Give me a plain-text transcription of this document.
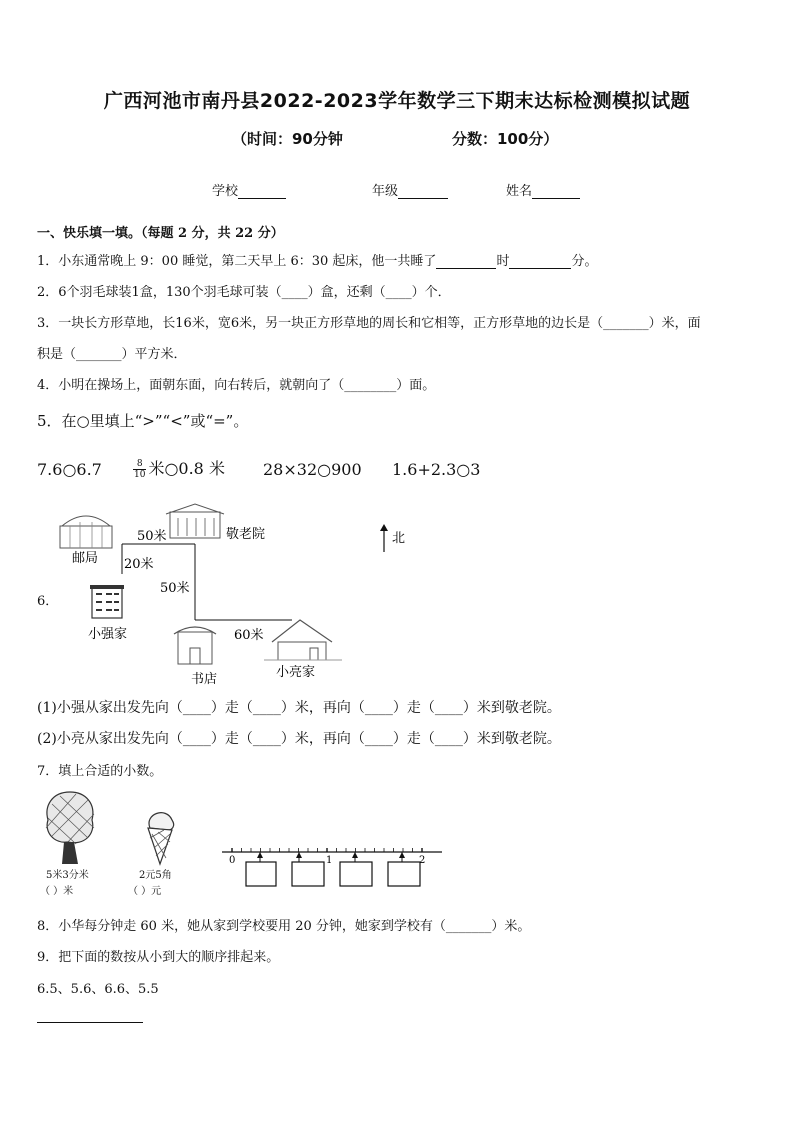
广西河池市南丹县2022-2023学年数学三下期末达标检测模拟试题
（时间：90分钟	分数：100分）
学校	年级	姓名
一、快乐填一填。（每题 2 分，共 22 分）
1．小东通常晚上 9：00 睡觉，第二天早上 6：30 起床，他一共睡了	时	分。
2．6个羽毛球装1盒，130个羽毛球可装（____）盒，还剩（____）个．
3．一块长方形草地，长16米，宽6米，另一块正方形草地的周长和它相等，正方形草地的边长是（_______）米，面
积是（_______）平方米．
4．小明在操场上，面朝东面，向右转后，就朝向了（________）面。
5．在○里填上“>”“<”或“=”。
7.6○6.7	$\frac{8}{10}$ 米○0.8 米 28×32○900 1.6+2.3○3
6．
邮局
敬老院
50米
20米
50米
60米
小强家
书店	小亮家
北
(1)小强从家出发先向（____）走（____）米，再向（____）走（____）米到敬老院。
(2)小亮从家出发先向（____）走（____）米，再向（____）走（____）米到敬老院。
7．填上合适的小数。
5米3分米
（ ）米
2元5角
（ ）元
0	1	2
8．小华每分钟走 60 米，她从家到学校要用 20 分钟，她家到学校有（_______）米。
9．把下面的数按从小到大的顺序排起来。
6.5、5.6、6.6、5.5
